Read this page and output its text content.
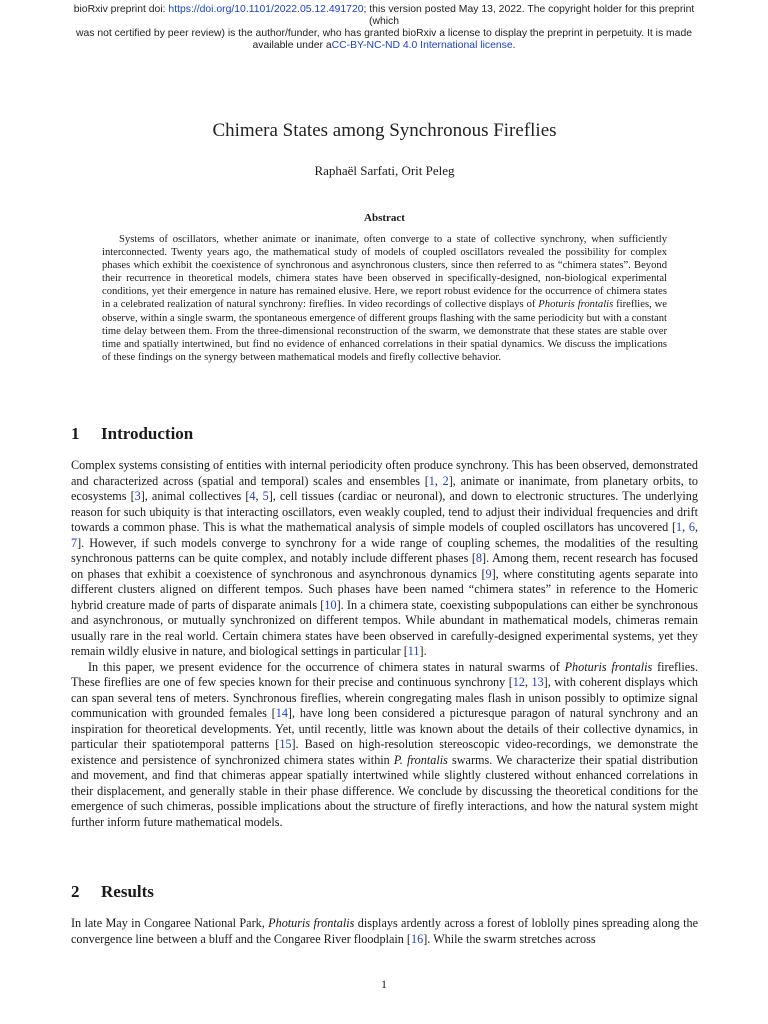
bioRxiv preprint doi: https://doi.org/10.1101/2022.05.12.491720; this version posted May 13, 2022. The copyright holder for this preprint (which
was not certified by peer review) is the author/funder, who has granted bioRxiv a license to display the preprint in perpetuity. It is made
available under aCC-BY-NC-ND 4.0 International license.
Chimera States among Synchronous Fireflies
Raphaël Sarfati, Orit Peleg
Abstract

Systems of oscillators, whether animate or inanimate, often converge to a state of collective synchrony, when sufficiently interconnected. Twenty years ago, the mathematical study of models of coupled oscillators revealed the possibility for complex phases which exhibit the coexistence of synchronous and asynchronous clusters, since then referred to as “chimera states”. Beyond their recurrence in theoretical models, chimera states have been observed in specifically-designed, non-biological experimental conditions, yet their emergence in nature has remained elusive. Here, we report robust evidence for the occurrence of chimera states in a celebrated realization of natural synchrony: fireflies. In video recordings of collective displays of Photuris frontalis fireflies, we observe, within a single swarm, the spontaneous emergence of different groups flashing with the same periodicity but with a constant time delay between them. From the three-dimensional reconstruction of the swarm, we demonstrate that these states are stable over time and spatially intertwined, but find no evidence of enhanced correlations in their spatial dynamics. We discuss the implications of these findings on the synergy between mathematical models and firefly collective behavior.

1 Introduction

Complex systems consisting of entities with internal periodicity often produce synchrony. This has been observed, demonstrated and characterized across (spatial and temporal) scales and ensembles [1, 2], animate or inanimate, from planetary orbits, to ecosystems [3], animal collectives [4, 5], cell tissues (cardiac or neuronal), and down to electronic structures. The underlying reason for such ubiquity is that interacting oscillators, even weakly coupled, tend to adjust their individual frequencies and drift towards a common phase. This is what the mathematical analysis of simple models of coupled oscillators has uncovered [1, 6, 7]. However, if such models converge to synchrony for a wide range of coupling schemes, the modalities of the resulting synchronous patterns can be quite complex, and notably include different phases [8]. Among them, recent research has focused on phases that exhibit a coexistence of synchronous and asynchronous dynamics [9], where constituting agents separate into different clusters aligned on different tempos. Such phases have been named “chimera states” in reference to the Homeric hybrid creature made of parts of disparate animals [10]. In a chimera state, coexisting subpopulations can either be synchronous and asynchronous, or mutually synchronized on different tempos. While abundant in mathematical models, chimeras remain usually rare in the real world. Certain chimera states have been observed in carefully-designed experimental systems, yet they remain wildly elusive in nature, and biological settings in particular [11].

In this paper, we present evidence for the occurrence of chimera states in natural swarms of Photuris frontalis fireflies. These fireflies are one of few species known for their precise and continuous synchrony [12, 13], with coherent displays which can span several tens of meters. Synchronous fireflies, wherein congregating males flash in unison possibly to optimize signal communication with grounded females [14], have long been considered a picturesque paragon of natural synchrony and an inspiration for theoretical developments. Yet, until recently, little was known about the details of their collective dynamics, in particular their spatiotemporal patterns [15]. Based on high-resolution stereoscopic video-recordings, we demonstrate the existence and persistence of synchronized chimera states within P. frontalis swarms. We characterize their spatial distribution and movement, and find that chimeras appear spatially intertwined while slightly clustered without enhanced correlations in their displacement, and generally stable in their phase difference. We conclude by discussing the theoretical conditions for the emergence of such chimeras, possible implications about the structure of firefly interactions, and how the natural system might further inform future mathematical models.

2 Results

In late May in Congaree National Park, Photuris frontalis displays ardently across a forest of loblolly pines spreading along the convergence line between a bluff and the Congaree River floodplain [16]. While the swarm stretches across

1
